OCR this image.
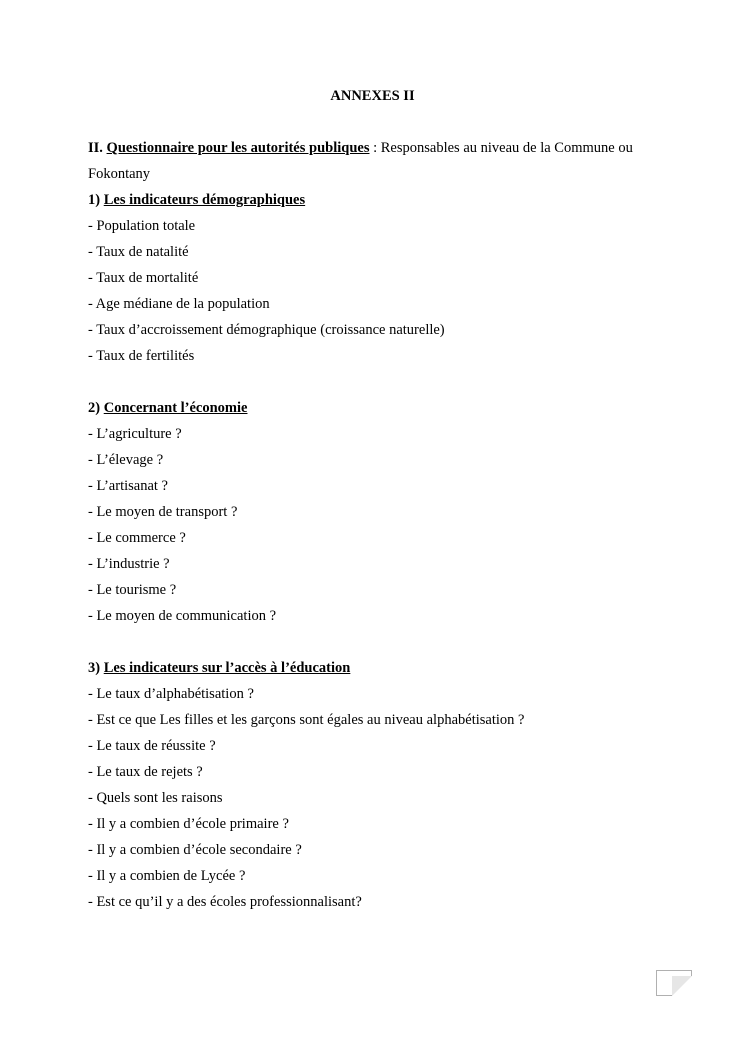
ANNEXES II
II. Questionnaire pour les autorités publiques : Responsables au niveau de la Commune ou
Fokontany
1) Les indicateurs démographiques
- Population totale
- Taux de natalité
- Taux de mortalité
- Age médiane de la population
- Taux d’accroissement démographique (croissance naturelle)
- Taux de fertilités
2) Concernant l’économie
- L’agriculture ?
- L’élevage ?
- L’artisanat ?
- Le moyen de transport ?
- Le commerce ?
- L’industrie ?
- Le tourisme ?
- Le moyen de communication ?
3) Les indicateurs sur l’accès à l’éducation
- Le taux d’alphabétisation ?
- Est ce que Les filles et les garçons sont égales au niveau alphabétisation ?
- Le taux de réussite ?
- Le taux de rejets ?
- Quels sont les raisons
- Il y a combien d’école primaire ?
- Il y a combien d’école secondaire ?
- Il y a combien de Lycée ?
- Est ce qu’il y a des écoles professionnalisant?
iv
